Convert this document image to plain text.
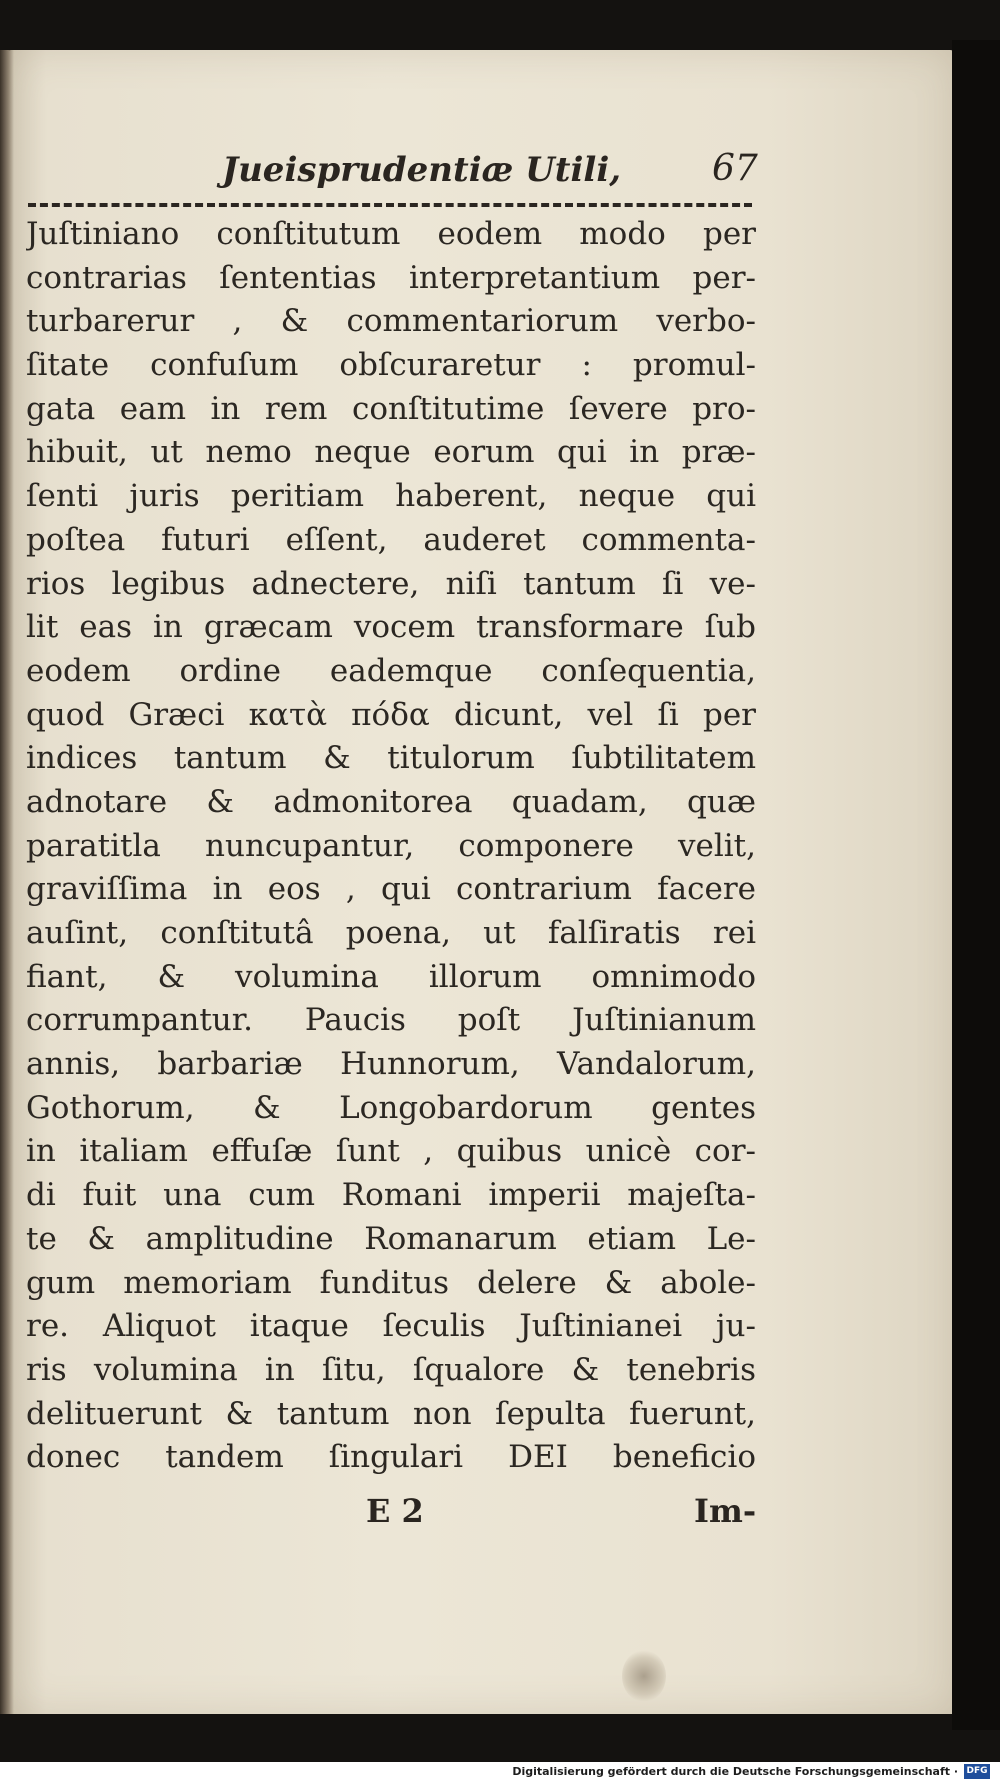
Jueisprudentiæ Utili,	67
Juſtiniano conſtitutum eodem modo per
contrarias ſententias interpretantium per-
turbarerur , & commentariorum verbo-
ſitate confuſum obſcuraretur : promul-
gata eam in rem conſtitutime ſevere pro-
hibuit, ut nemo neque eorum qui in præ-
ſenti juris peritiam haberent, neque qui
poſtea futuri eſſent, auderet commenta-
rios legibus adnectere, niſi tantum ſi ve-
lit eas in græcam vocem transformare ſub
eodem ordine eademque conſequentia,
quod Græci κατὰ πόδα dicunt, vel ſi per
indices tantum & titulorum ſubtilitatem
adnotare & admonitorea quadam, quæ
paratitla nuncupantur, componere velit,
graviſſima in eos , qui contrarium facere
auſint, conſtitutâ poena, ut falſiratis rei
fiant, & volumina illorum omnimodo
corrumpantur. Paucis poſt Juſtinianum
annis, barbariæ Hunnorum, Vandalorum,
Gothorum, & Longobardorum gentes
in italiam effuſæ ſunt , quibus unicè cor-
di fuit una cum Romani imperii majeſta-
te & amplitudine Romanarum etiam Le-
gum memoriam funditus delere & abole-
re. Aliquot itaque ſeculis Juſtinianei ju-
ris volumina in ſitu, ſqualore & tenebris
delituerunt & tantum non ſepulta fuerunt,
donec tandem ſingulari DEI beneficio
E 2	Im-
Digitalisierung gefördert durch die Deutsche Forschungsgemeinschaft · DFG
